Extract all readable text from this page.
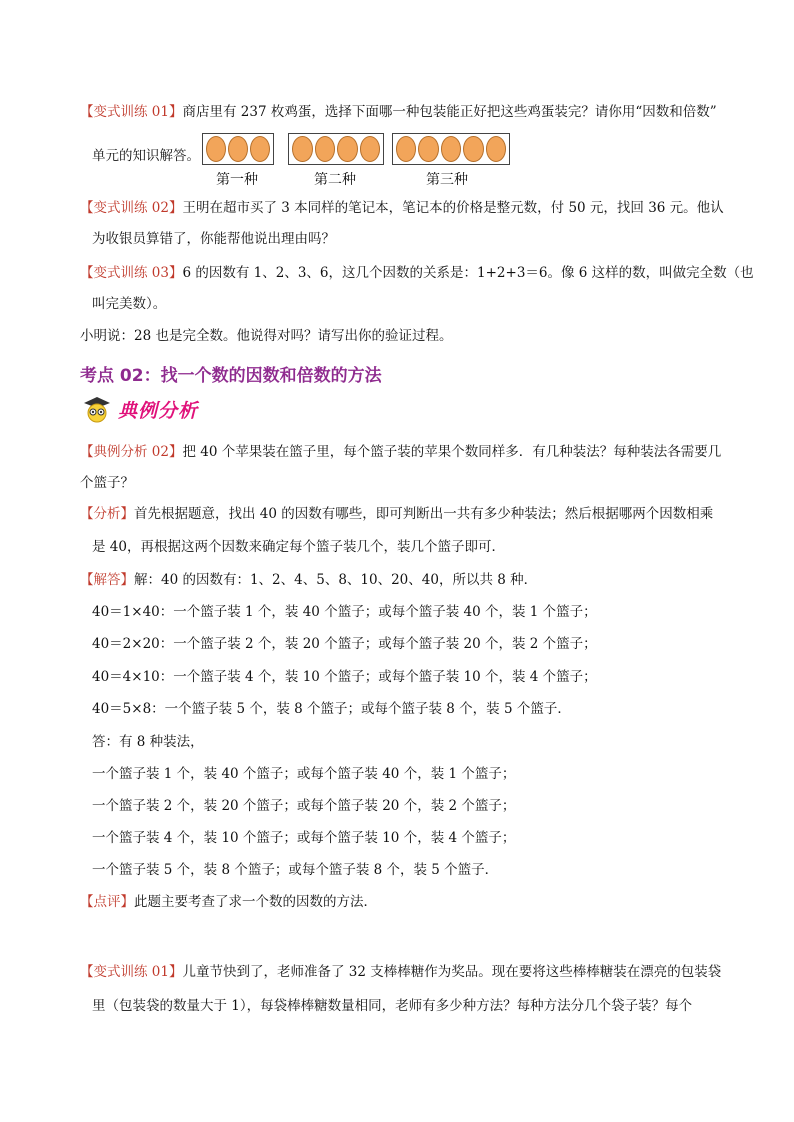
【变式训练 01】商店里有 237 枚鸡蛋，选择下面哪一种包装能正好把这些鸡蛋装完？请你用“因数和倍数”
单元的知识解答。
第一种	第二种	第三种
【变式训练 02】王明在超市买了 3 本同样的笔记本，笔记本的价格是整元数，付 50 元，找回 36 元。他认
为收银员算错了，你能帮他说出理由吗？
【变式训练 03】6 的因数有 1、2、3、6，这几个因数的关系是：1+2+3＝6。像 6 这样的数，叫做完全数（也
叫完美数）。
小明说：28 也是完全数。他说得对吗？请写出你的验证过程。
考点 02：找一个数的因数和倍数的方法
典例分析
【典例分析 02】把 40 个苹果装在篮子里，每个篮子装的苹果个数同样多．有几种装法？每种装法各需要几
个篮子？
【分析】首先根据题意，找出 40 的因数有哪些，即可判断出一共有多少种装法；然后根据哪两个因数相乘
是 40，再根据这两个因数来确定每个篮子装几个，装几个篮子即可．
【解答】解：40 的因数有：1、2、4、5、8、10、20、40，所以共 8 种．
40＝1×40：一个篮子装 1 个，装 40 个篮子；或每个篮子装 40 个，装 1 个篮子；
40＝2×20：一个篮子装 2 个，装 20 个篮子；或每个篮子装 20 个，装 2 个篮子；
40＝4×10：一个篮子装 4 个，装 10 个篮子；或每个篮子装 10 个，装 4 个篮子；
40＝5×8：一个篮子装 5 个，装 8 个篮子；或每个篮子装 8 个，装 5 个篮子．
答：有 8 种装法，
一个篮子装 1 个，装 40 个篮子；或每个篮子装 40 个，装 1 个篮子；
一个篮子装 2 个，装 20 个篮子；或每个篮子装 20 个，装 2 个篮子；
一个篮子装 4 个，装 10 个篮子；或每个篮子装 10 个，装 4 个篮子；
一个篮子装 5 个，装 8 个篮子；或每个篮子装 8 个，装 5 个篮子．
【点评】此题主要考查了求一个数的因数的方法．
【变式训练 01】儿童节快到了，老师准备了 32 支棒棒糖作为奖品。现在要将这些棒棒糖装在漂亮的包装袋
里（包装袋的数量大于 1），每袋棒棒糖数量相同，老师有多少种方法？每种方法分几个袋子装？每个
